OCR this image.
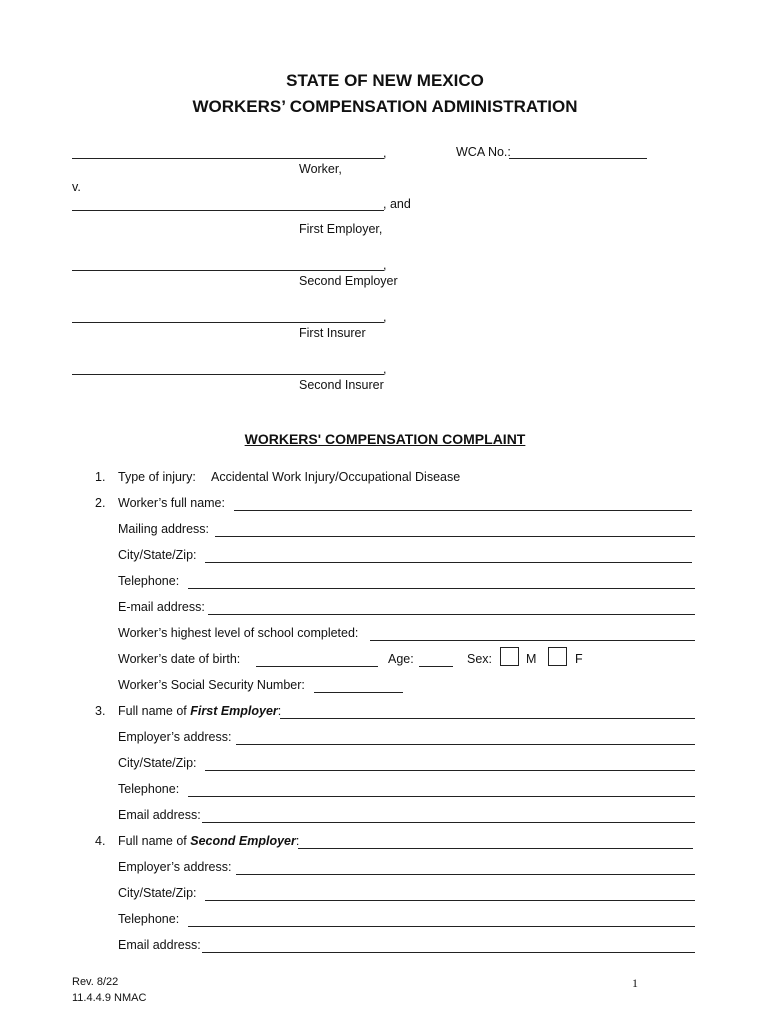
STATE OF NEW MEXICO
WORKERS’ COMPENSATION ADMINISTRATION
,	WCA No.:
Worker,
v.
, and
First Employer,
,
Second Employer
,
First Insurer
,
Second Insurer
WORKERS' COMPENSATION COMPLAINT
1. Type of injury: Accidental Work Injury/Occupational Disease
2. Worker’s full name:
Mailing address:
City/State/Zip:
Telephone:
E-mail address:
Worker’s highest level of school completed:
Worker’s date of birth:	Age:	Sex:	M	F
Worker’s Social Security Number:
3. Full name of First Employer:
Employer’s address:
City/State/Zip:
Telephone:
Email address:
4. Full name of Second Employer:
Employer’s address:
City/State/Zip:
Telephone:
Email address:
Rev. 8/22
11.4.4.9 NMAC
1
